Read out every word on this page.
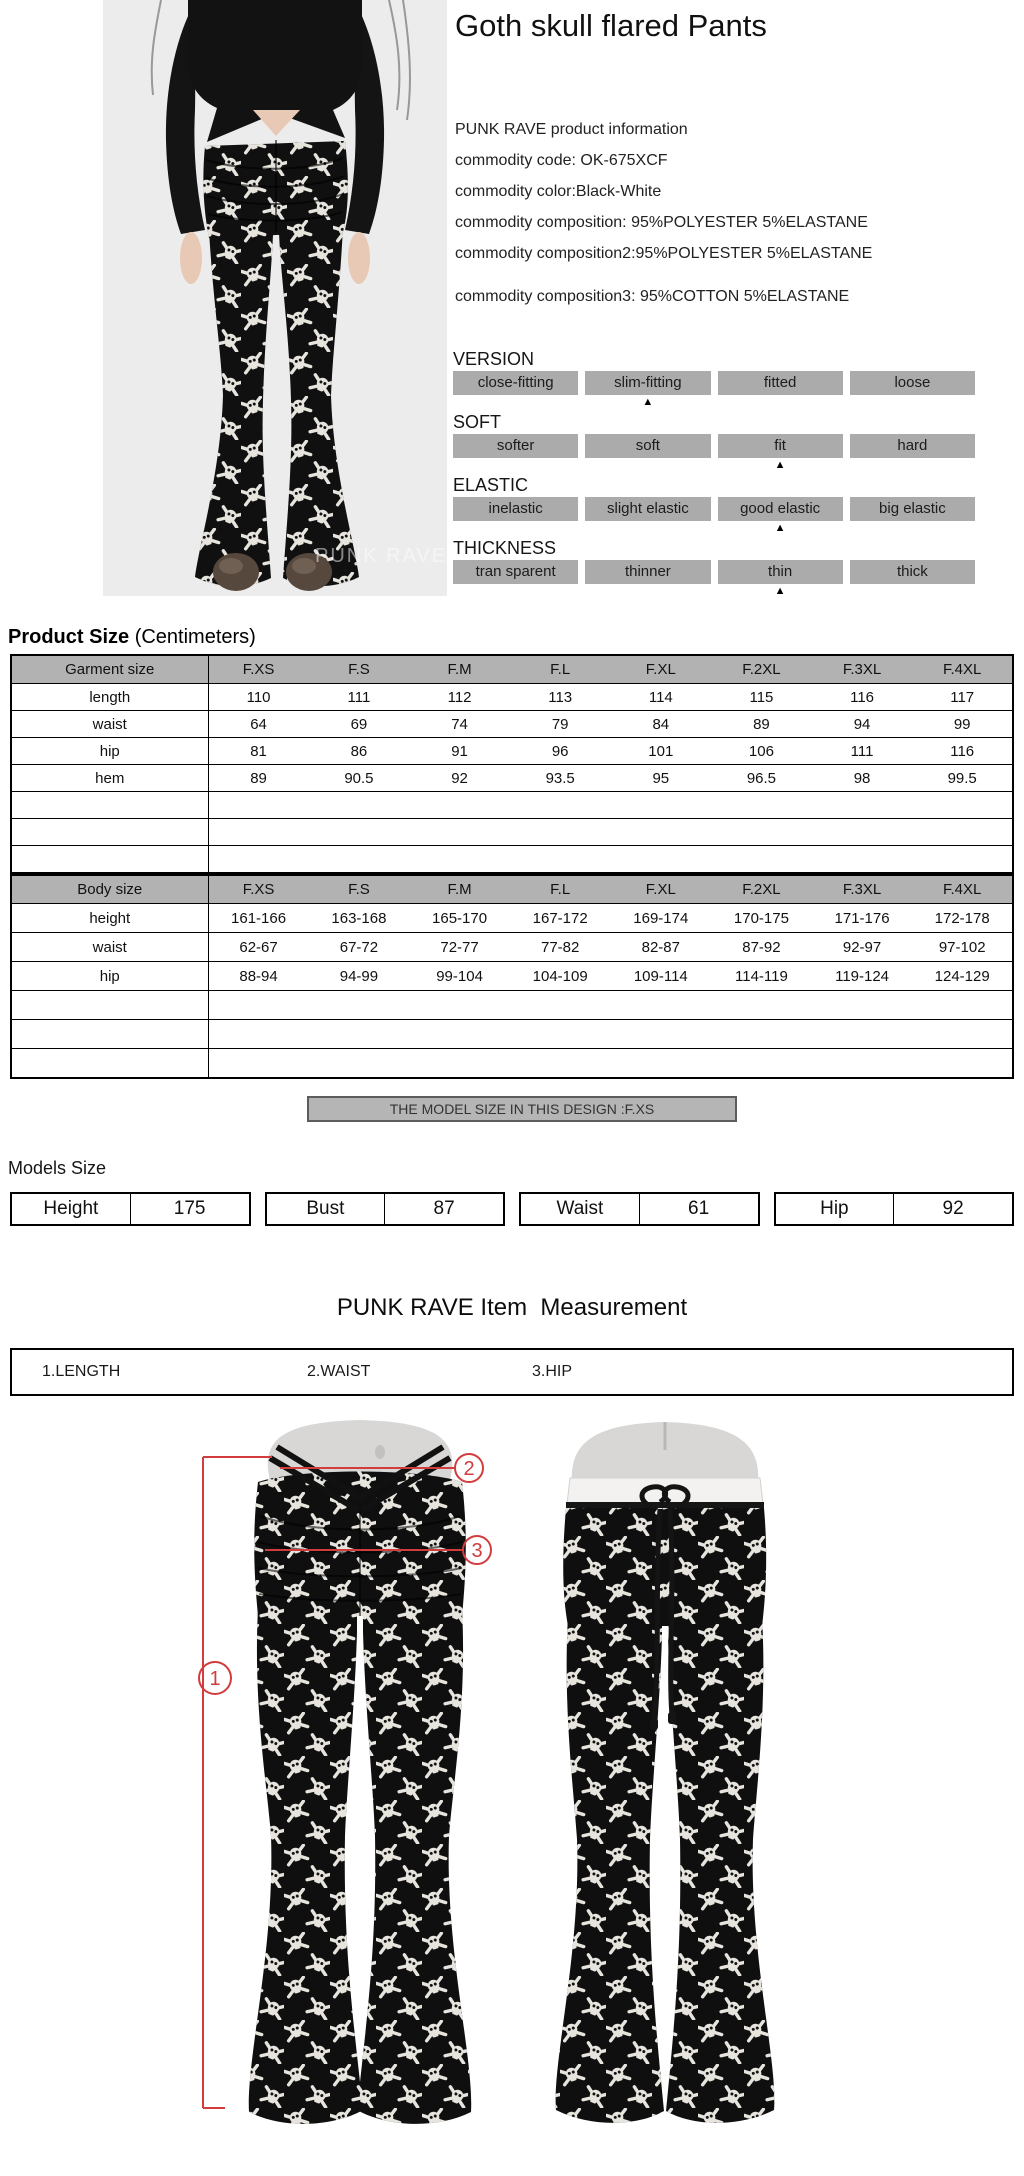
PUNK RAVE
Goth skull flared Pants
PUNK RAVE product information
commodity code: OK-675XCF
commodity color:Black-White
commodity composition: 95%POLYESTER 5%ELASTANE
commodity composition2:95%POLYESTER 5%ELASTANE
commodity composition3: 95%COTTON 5%ELASTANE
VERSION
close-fitting	slim-fitting	fitted	loose
▲
SOFT
softer	soft	fit	hard
▲
ELASTIC
inelastic	slight elastic	good elastic	big elastic
▲
THICKNESS
tran sparent	thinner	thin	thick
▲
Product Size (Centimeters)
Garment size	F.XS	F.S	F.M	F.L	F.XL	F.2XL	F.3XL	F.4XL
length	110	111	112	113	114	115	116	117
waist	64	69	74	79	84	89	94	99
hip	81	86	91	96	101	106	111	116
hem	89	90.5	92	93.5	95	96.5	98	99.5

Body size	F.XS	F.S	F.M	F.L	F.XL	F.2XL	F.3XL	F.4XL
height	161-166	163-168	165-170	167-172	169-174	170-175	171-176	172-178
waist	62-67	67-72	72-77	77-82	82-87	87-92	92-97	97-102
hip	88-94	94-99	99-104	104-109	109-114	114-119	119-124	124-129

THE MODEL SIZE IN THIS DESIGN :F.XS
Models Size
Height	175	Bust	87	Waist	61	Hip	92
PUNK RAVE Item  Measurement
1.LENGTH	2.WAIST	3.HIP
1
2
3
